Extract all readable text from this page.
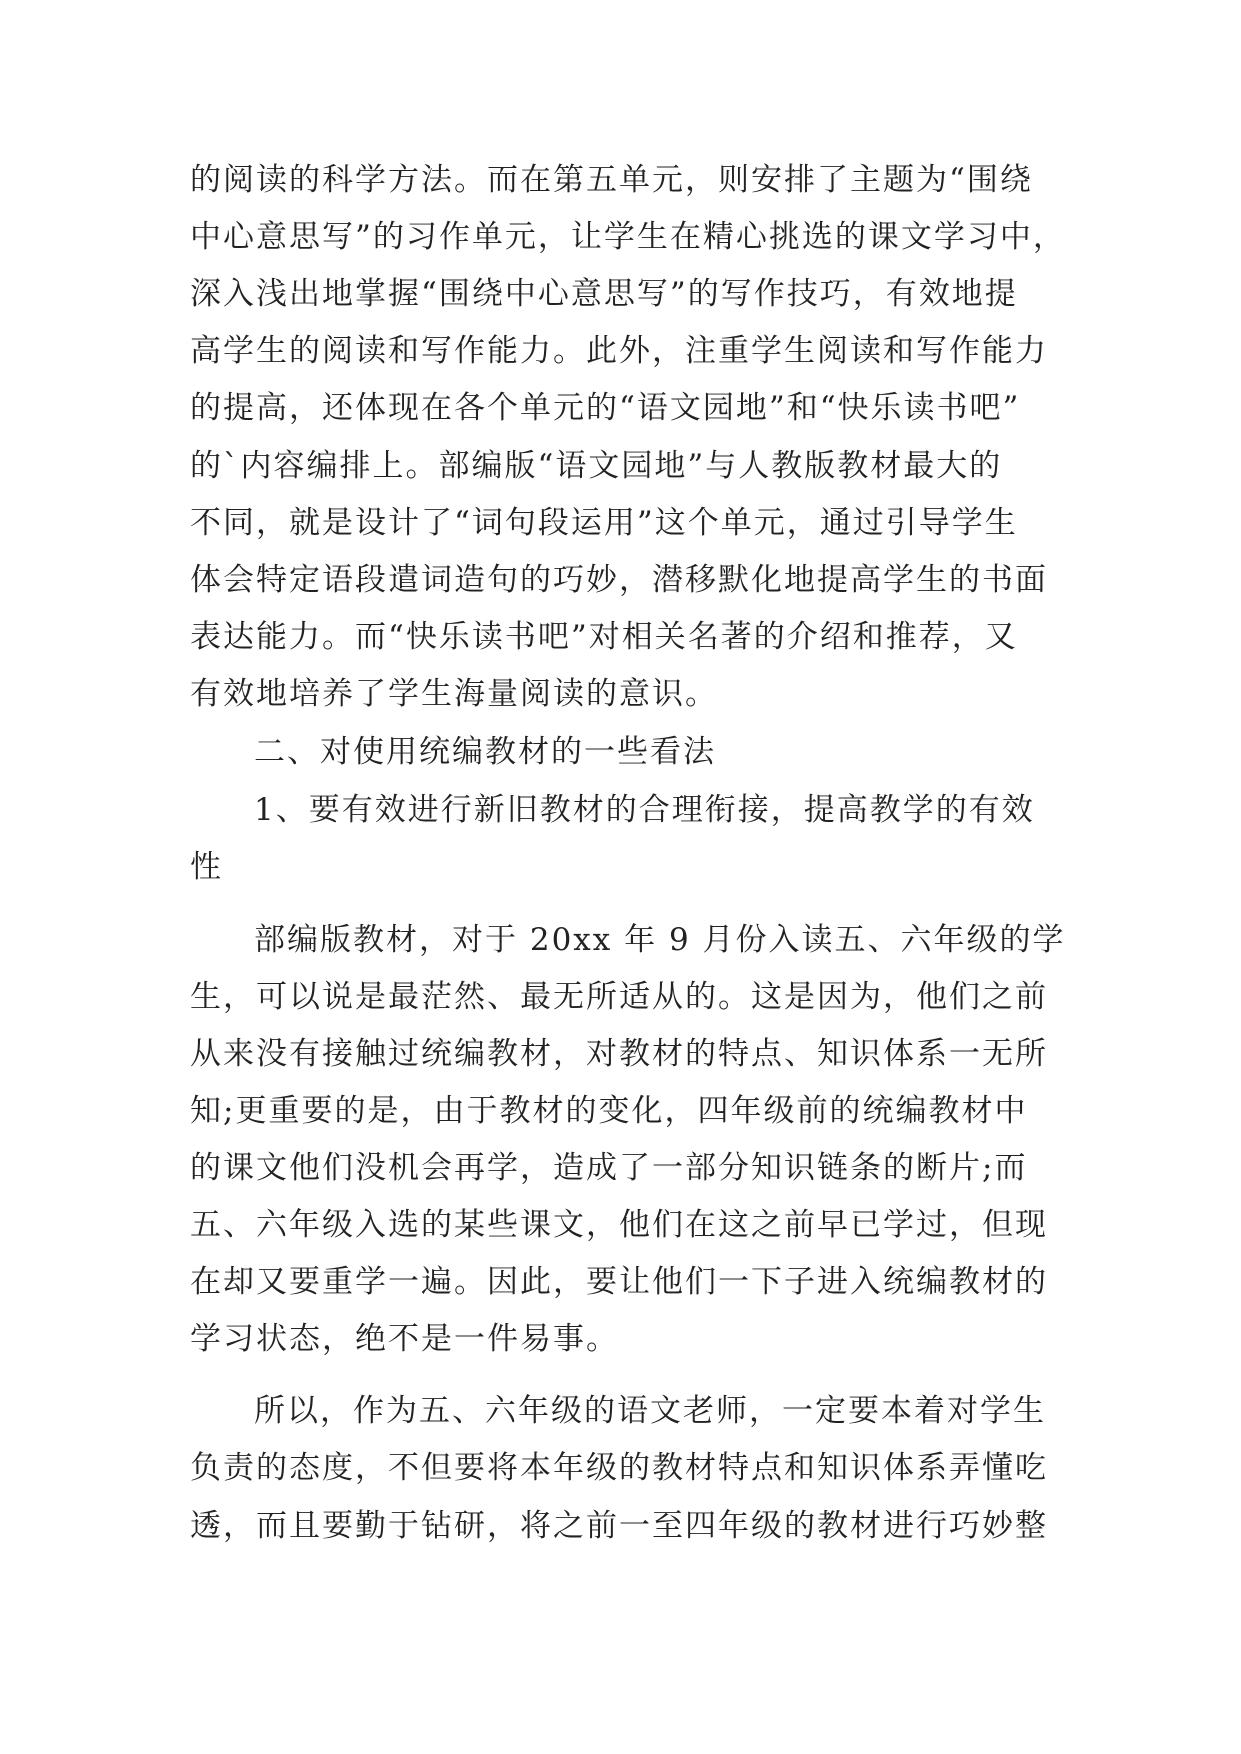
的阅读的科学方法。而在第五单元，则安排了主题为“围绕
中心意思写”的习作单元，让学生在精心挑选的课文学习中，
深入浅出地掌握“围绕中心意思写”的写作技巧，有效地提
高学生的阅读和写作能力。此外，注重学生阅读和写作能力
的提高，还体现在各个单元的“语文园地”和“快乐读书吧”
的`内容编排上。部编版“语文园地”与人教版教材最大的
不同，就是设计了“词句段运用”这个单元，通过引导学生
体会特定语段遣词造句的巧妙，潜移默化地提高学生的书面
表达能力。而“快乐读书吧”对相关名著的介绍和推荐，又
有效地培养了学生海量阅读的意识。
二、对使用统编教材的一些看法
1、要有效进行新旧教材的合理衔接，提高教学的有效
性
部编版教材，对于 20xx 年 9 月份入读五、六年级的学
生，可以说是最茫然、最无所适从的。这是因为，他们之前
从来没有接触过统编教材，对教材的特点、知识体系一无所
知;更重要的是，由于教材的变化，四年级前的统编教材中
的课文他们没机会再学，造成了一部分知识链条的断片;而
五、六年级入选的某些课文，他们在这之前早已学过，但现
在却又要重学一遍。因此，要让他们一下子进入统编教材的
学习状态，绝不是一件易事。
所以，作为五、六年级的语文老师，一定要本着对学生
负责的态度，不但要将本年级的教材特点和知识体系弄懂吃
透，而且要勤于钻研，将之前一至四年级的教材进行巧妙整
